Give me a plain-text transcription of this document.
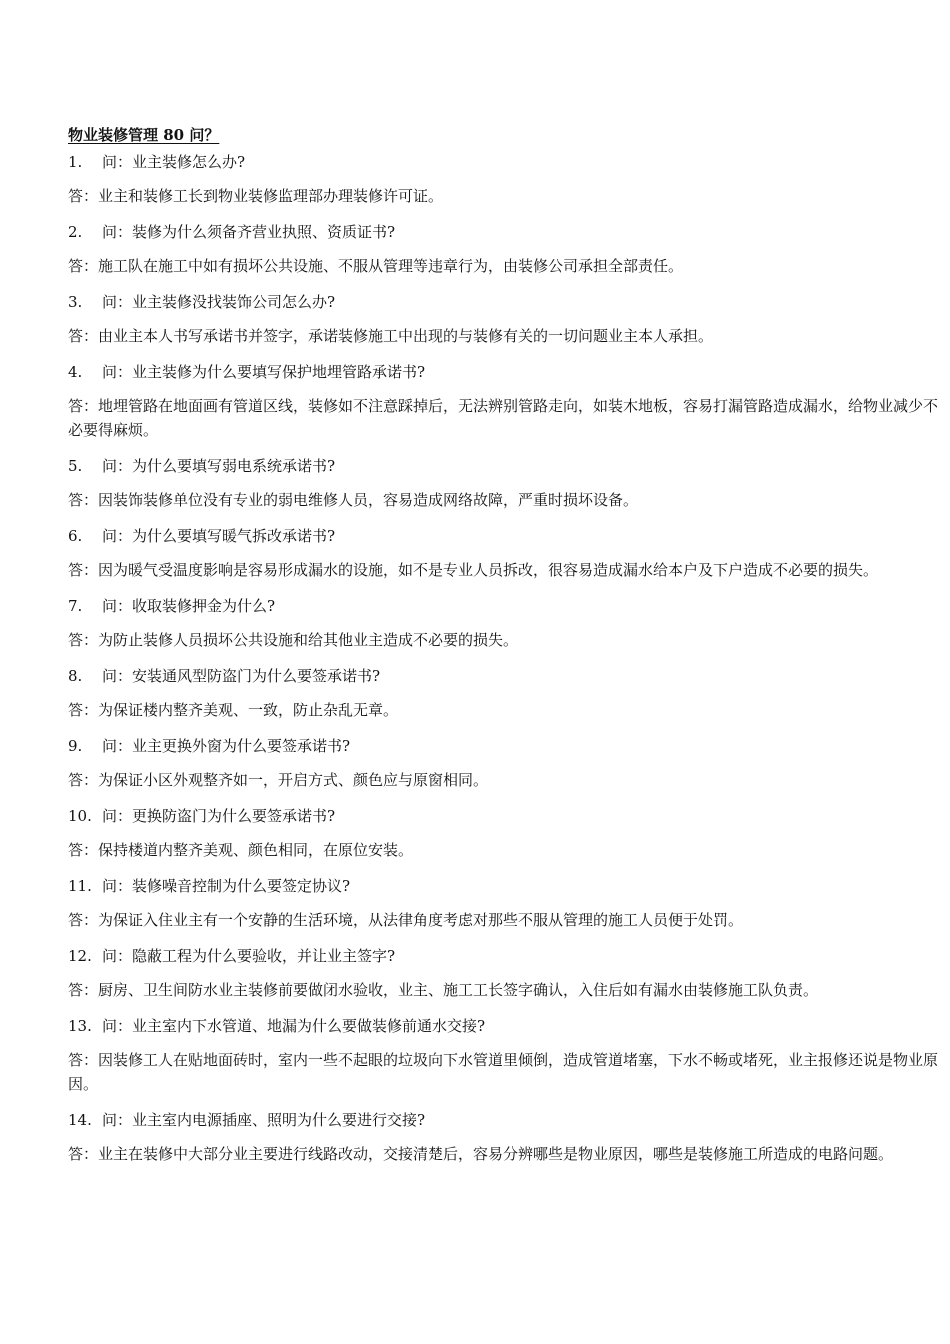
物业装修管理 80 问？

1. 问：业主装修怎么办?

答：业主和装修工长到物业装修监理部办理装修许可证。

2. 问：装修为什么须备齐营业执照、资质证书?

答：施工队在施工中如有损坏公共设施、不服从管理等违章行为，由装修公司承担全部责任。

3. 问：业主装修没找装饰公司怎么办?

答：由业主本人书写承诺书并签字，承诺装修施工中出现的与装修有关的一切问题业主本人承担。

4. 问：业主装修为什么要填写保护地埋管路承诺书?

答：地埋管路在地面画有管道区线，装修如不注意踩掉后，无法辨别管路走向，如装木地板，容易打漏管路造成漏水，给物业减少不必要得麻烦。

5. 问：为什么要填写弱电系统承诺书?

答：因装饰装修单位没有专业的弱电维修人员，容易造成网络故障，严重时损坏设备。

6. 问：为什么要填写暖气拆改承诺书?

答：因为暖气受温度影响是容易形成漏水的设施，如不是专业人员拆改，很容易造成漏水给本户及下户造成不必要的损失。

7. 问：收取装修押金为什么?

答：为防止装修人员损坏公共设施和给其他业主造成不必要的损失。

8. 问：安装通风型防盗门为什么要签承诺书?

答：为保证楼内整齐美观、一致，防止杂乱无章。

9. 问：业主更换外窗为什么要签承诺书?

答：为保证小区外观整齐如一，开启方式、颜色应与原窗相同。

10. 问：更换防盗门为什么要签承诺书?

答：保持楼道内整齐美观、颜色相同，在原位安装。

11. 问：装修噪音控制为什么要签定协议?

答：为保证入住业主有一个安静的生活环境，从法律角度考虑对那些不服从管理的施工人员便于处罚。

12. 问：隐蔽工程为什么要验收，并让业主签字?

答：厨房、卫生间防水业主装修前要做闭水验收，业主、施工工长签字确认，入住后如有漏水由装修施工队负责。

13. 问：业主室内下水管道、地漏为什么要做装修前通水交接?

答：因装修工人在贴地面砖时，室内一些不起眼的垃圾向下水管道里倾倒，造成管道堵塞，下水不畅或堵死，业主报修还说是物业原因。

14. 问：业主室内电源插座、照明为什么要进行交接?

答：业主在装修中大部分业主要进行线路改动，交接清楚后，容易分辨哪些是物业原因，哪些是装修施工所造成的电路问题。
